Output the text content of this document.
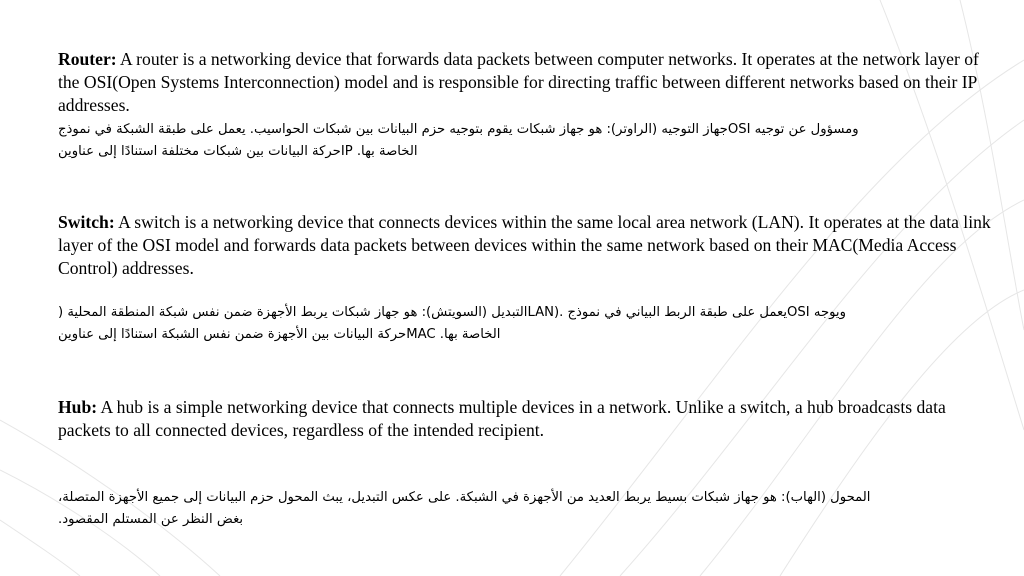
Router: A router is a networking device that forwards data packets between computer networks. It operates at the network layer of the OSI(Open Systems Interconnection) model and is responsible for directing traffic between different networks based on their IP addresses.

ومسؤول عن توجيه OSIجهاز التوجيه (الراوتر): هو جهاز شبكات يقوم بتوجيه حزم البيانات بين شبكات الحواسيب. يعمل على طبقة الشبكة في نموذج
الخاصة بها. IPحركة البيانات بين شبكات مختلفة استنادًا إلى عناوين

Switch: A switch is a networking device that connects devices within the same local area network (LAN). It operates at the data link layer of the OSI model and forwards data packets between devices within the same network based on their MAC(Media Access Control) addresses.

ويوجه OSIيعمل على طبقة الربط البياني في نموذج .(LANالتبديل (السويتش): هو جهاز شبكات يربط الأجهزة ضمن نفس شبكة المنطقة المحلية (
الخاصة بها. MACحركة البيانات بين الأجهزة ضمن نفس الشبكة استنادًا إلى عناوين

Hub: A hub is a simple networking device that connects multiple devices in a network. Unlike a switch, a hub broadcasts data packets to all connected devices, regardless of the intended recipient.

المحول (الهاب): هو جهاز شبكات بسيط يربط العديد من الأجهزة في الشبكة. على عكس التبديل، يبث المحول حزم البيانات إلى جميع الأجهزة المتصلة،
بغض النظر عن المستلم المقصود.
